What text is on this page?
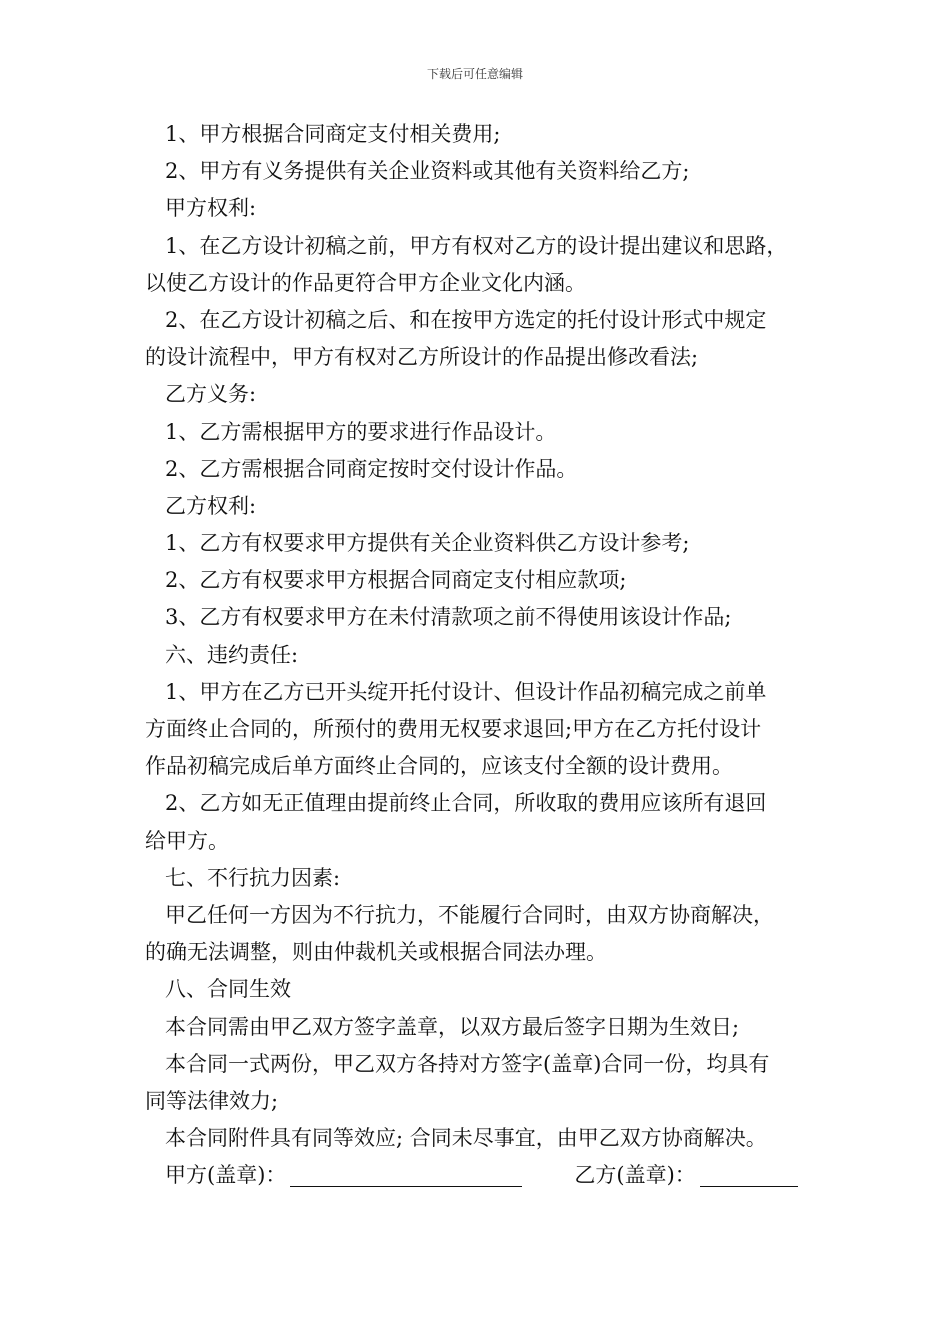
下载后可任意编辑
1、甲方根据合同商定支付相关费用;
2、甲方有义务提供有关企业资料或其他有关资料给乙方;
甲方权利:
1、在乙方设计初稿之前，甲方有权对乙方的设计提出建议和思路，
以使乙方设计的作品更符合甲方企业文化内涵。
2、在乙方设计初稿之后、和在按甲方选定的托付设计形式中规定
的设计流程中，甲方有权对乙方所设计的作品提出修改看法;
乙方义务:
1、乙方需根据甲方的要求进行作品设计。
2、乙方需根据合同商定按时交付设计作品。
乙方权利:
1、乙方有权要求甲方提供有关企业资料供乙方设计参考;
2、乙方有权要求甲方根据合同商定支付相应款项;
3、乙方有权要求甲方在未付清款项之前不得使用该设计作品;
六、违约责任:
1、甲方在乙方已开头绽开托付设计、但设计作品初稿完成之前单
方面终止合同的，所预付的费用无权要求退回;甲方在乙方托付设计
作品初稿完成后单方面终止合同的，应该支付全额的设计费用。
2、乙方如无正值理由提前终止合同，所收取的费用应该所有退回
给甲方。
七、不行抗力因素:
甲乙任何一方因为不行抗力，不能履行合同时，由双方协商解决，
的确无法调整，则由仲裁机关或根据合同法办理。
八、合同生效
本合同需由甲乙双方签字盖章，以双方最后签字日期为生效日;
本合同一式两份，甲乙双方各持对方签字(盖章)合同一份，均具有
同等法律效力;
本合同附件具有同等效应; 合同未尽事宜，由甲乙双方协商解决。
甲方(盖章)：	乙方(盖章)：
